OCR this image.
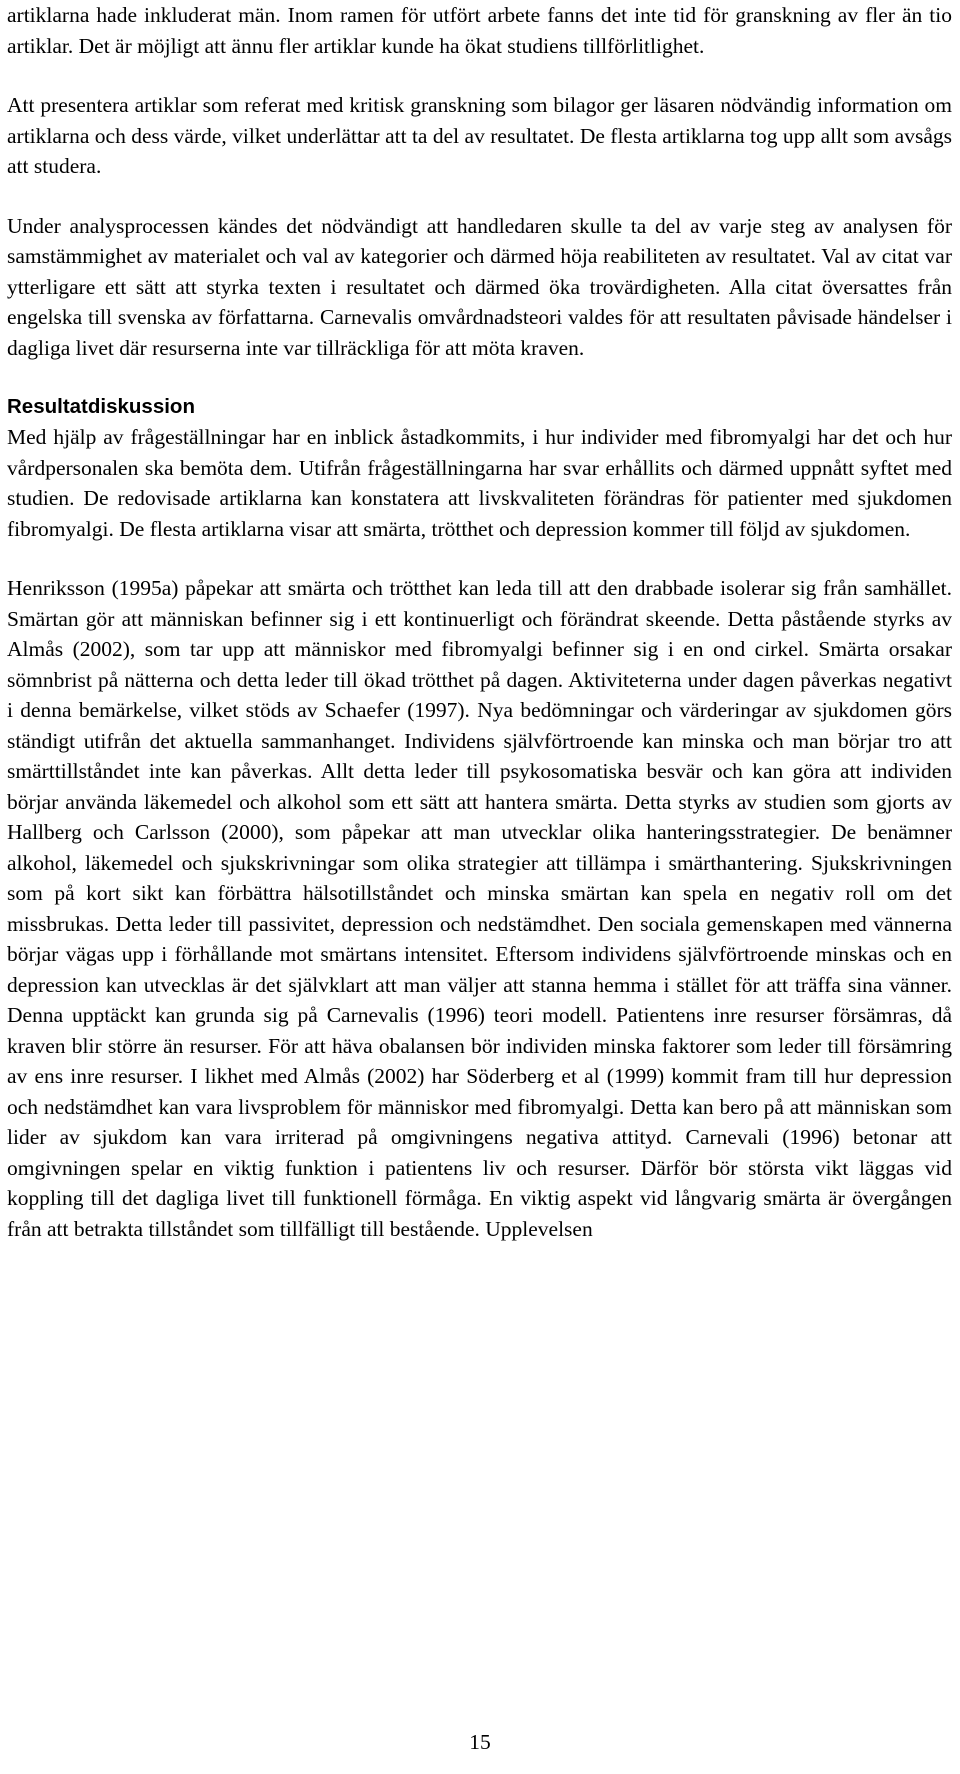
artiklarna hade inkluderat män. Inom ramen för utfört arbete fanns det inte tid för granskning av fler än tio artiklar. Det är möjligt att ännu fler artiklar kunde ha ökat studiens tillförlitlighet.

Att presentera artiklar som referat med kritisk granskning som bilagor ger läsaren nödvändig information om artiklarna och dess värde, vilket underlättar att ta del av resultatet. De flesta artiklarna tog upp allt som avsågs att studera.

Under analysprocessen kändes det nödvändigt att handledaren skulle ta del av varje steg av analysen för samstämmighet av materialet och val av kategorier och därmed höja reabiliteten av resultatet. Val av citat var ytterligare ett sätt att styrka texten i resultatet och därmed öka trovärdigheten. Alla citat översattes från engelska till svenska av författarna. Carnevalis omvårdnadsteori valdes för att resultaten påvisade händelser i dagliga livet där resurserna inte var tillräckliga för att möta kraven.

Resultatdiskussion

Med hjälp av frågeställningar har en inblick åstadkommits, i hur individer med fibromyalgi har det och hur vårdpersonalen ska bemöta dem. Utifrån frågeställningarna har svar erhållits och därmed uppnått syftet med studien. De redovisade artiklarna kan konstatera att livskvaliteten förändras för patienter med sjukdomen fibromyalgi. De flesta artiklarna visar att smärta, trötthet och depression kommer till följd av sjukdomen.

Henriksson (1995a) påpekar att smärta och trötthet kan leda till att den drabbade isolerar sig från samhället. Smärtan gör att människan befinner sig i ett kontinuerligt och förändrat skeende. Detta påstående styrks av Almås (2002), som tar upp att människor med fibromyalgi befinner sig i en ond cirkel. Smärta orsakar sömnbrist på nätterna och detta leder till ökad trötthet på dagen. Aktiviteterna under dagen påverkas negativt i denna bemärkelse, vilket stöds av Schaefer (1997). Nya bedömningar och värderingar av sjukdomen görs ständigt utifrån det aktuella sammanhanget. Individens självförtroende kan minska och man börjar tro att smärttillståndet inte kan påverkas. Allt detta leder till psykosomatiska besvär och kan göra att individen börjar använda läkemedel och alkohol som ett sätt att hantera smärta. Detta styrks av studien som gjorts av Hallberg och Carlsson (2000), som påpekar att man utvecklar olika hanteringsstrategier. De benämner alkohol, läkemedel och sjukskrivningar som olika strategier att tillämpa i smärthantering. Sjukskrivningen som på kort sikt kan förbättra hälsotillståndet och minska smärtan kan spela en negativ roll om det missbrukas. Detta leder till passivitet, depression och nedstämdhet. Den sociala gemenskapen med vännerna börjar vägas upp i förhållande mot smärtans intensitet. Eftersom individens självförtroende minskas och en depression kan utvecklas är det självklart att man väljer att stanna hemma i stället för att träffa sina vänner. Denna upptäckt kan grunda sig på Carnevalis (1996) teori modell. Patientens inre resurser försämras, då kraven blir större än resurser. För att häva obalansen bör individen minska faktorer som leder till försämring av ens inre resurser. I likhet med Almås (2002) har Söderberg et al (1999) kommit fram till hur depression och nedstämdhet kan vara livsproblem för människor med fibromyalgi. Detta kan bero på att människan som lider av sjukdom kan vara irriterad på omgivningens negativa attityd. Carnevali (1996) betonar att omgivningen spelar en viktig funktion i patientens liv och resurser. Därför bör största vikt läggas vid koppling till det dagliga livet till funktionell förmåga. En viktig aspekt vid långvarig smärta är övergången från att betrakta tillståndet som tillfälligt till bestående. Upplevelsen

15
